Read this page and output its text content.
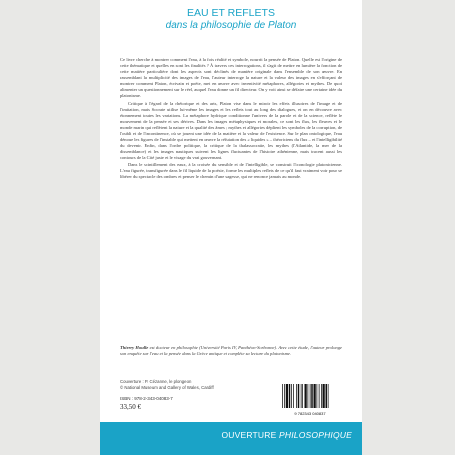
EAU ET REFLETS
dans la philosophie de Platon

Ce livre cherche à montrer comment l'eau, à la fois réalité et symbole, nourrit la pensée de Platon. Quelle est l'origine de cette thématique et quelles en sont les finalités ? À travers ces interrogations, il s'agit de mettre en lumière la fonction de cette matière particulière dont les aspects sont déclinés de manière originale dans l'ensemble de son œuvre. En rassemblant la multiplicité des images de l'eau, l'auteur interroge la nature et la valeur des images en s'efforçant de montrer comment Platon, écrivain et poète, met en œuvre avec inventivité métaphores, allégories et mythes. De quoi alimenter un questionnement sur le réel, auquel l'eau donne un fil directeur. On y voit ainsi se défaire une certaine idée du platonisme.

Critique à l'égard de la rhétorique et des arts, Platon vise dans le miroir les effets illusoires de l'image et de l'imitation, mais Socrate utilise lui-même les images et les reflets tout au long des dialogues, et on en découvre avec étonnement toutes les variations. La métaphore hydrique conditionne l'univers de la parole et de la science, reflète le mouvement de la pensée et ses dérives. Dans les images métaphysiques et morales, ce sont les flux, les fleuves et le monde marin qui reflètent la nature et la qualité des âmes ; mythes et allégories déplient les symboles de la corruption, de l'oubli et de l'incontinence, où se jouent une idée de la matière et la valeur de l'existence. Sur le plan ontologique, l'eau dénoue les figures de l'instable qui mettent en œuvre la réfutation des « liquides » – théoriciens du flux – et l'intelligibilité du devenir. Enfin, dans l'ordre politique, la critique de la thalassocratie, les mythes (l'Atlantide, la mer de la dissemblance) et les images nautiques suivent les lignes fluctuantes de l'histoire athénienne, mais tracent aussi les contours de la Cité juste et le visage du vrai gouvernant.

Dans le scintillement des eaux, à la croisée du sensible et de l'intelligible, se construit l'iconologie platonicienne. L'eau figurée, transfigurée dans le fil liquide de la poésie, forme les multiples reflets de ce qu'il faut vraiment voir pour se libérer du spectacle des ombres et penser le chemin d'une sagesse, qui ne renonce jamais au monde.

Thierry Houlle est docteur en philosophie (Université Paris IV, Panthéon-Sorbonne). Avec cette étude, l'auteur prolonge son enquête sur l'eau et la pensée dans la Grèce antique et complète sa lecture du platonisme.
Couverture : P. Cézanne, le plongeon
© National Museum and Gallery of Wales, Cardiff
ISBN : 978-2-343-04083-7
33,50 €
9 782343 040837
OUVERTURE PHILOSOPHIQUE
